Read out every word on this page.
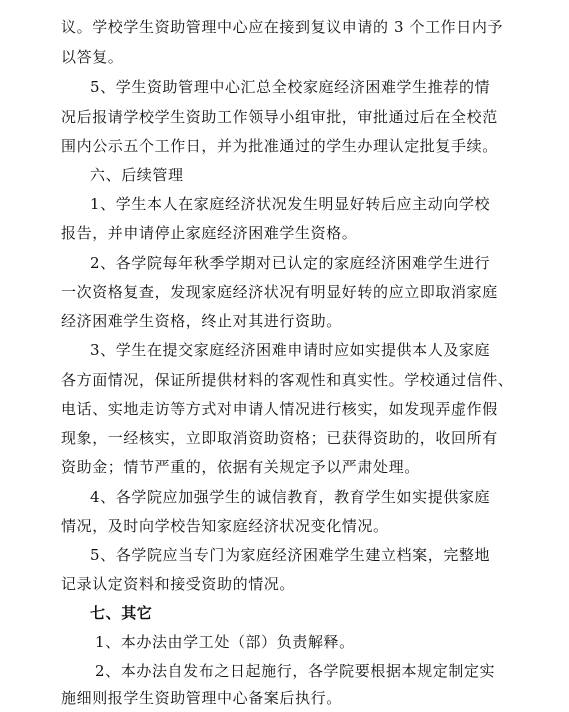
议。学校学生资助管理中心应在接到复议申请的 3 个工作日内予
以答复。
5、学生资助管理中心汇总全校家庭经济困难学生推荐的情
况后报请学校学生资助工作领导小组审批，审批通过后在全校范
围内公示五个工作日，并为批准通过的学生办理认定批复手续。
六、后续管理
1、学生本人在家庭经济状况发生明显好转后应主动向学校
报告，并申请停止家庭经济困难学生资格。
2、各学院每年秋季学期对已认定的家庭经济困难学生进行
一次资格复查，发现家庭经济状况有明显好转的应立即取消家庭
经济困难学生资格，终止对其进行资助。
3、学生在提交家庭经济困难申请时应如实提供本人及家庭
各方面情况，保证所提供材料的客观性和真实性。学校通过信件、
电话、实地走访等方式对申请人情况进行核实，如发现弄虚作假
现象，一经核实，立即取消资助资格；已获得资助的，收回所有
资助金；情节严重的，依据有关规定予以严肃处理。
4、各学院应加强学生的诚信教育，教育学生如实提供家庭
情况，及时向学校告知家庭经济状况变化情况。
5、各学院应当专门为家庭经济困难学生建立档案，完整地
记录认定资料和接受资助的情况。
七、其它
1、本办法由学工处（部）负责解释。
2、本办法自发布之日起施行，各学院要根据本规定制定实
施细则报学生资助管理中心备案后执行。
